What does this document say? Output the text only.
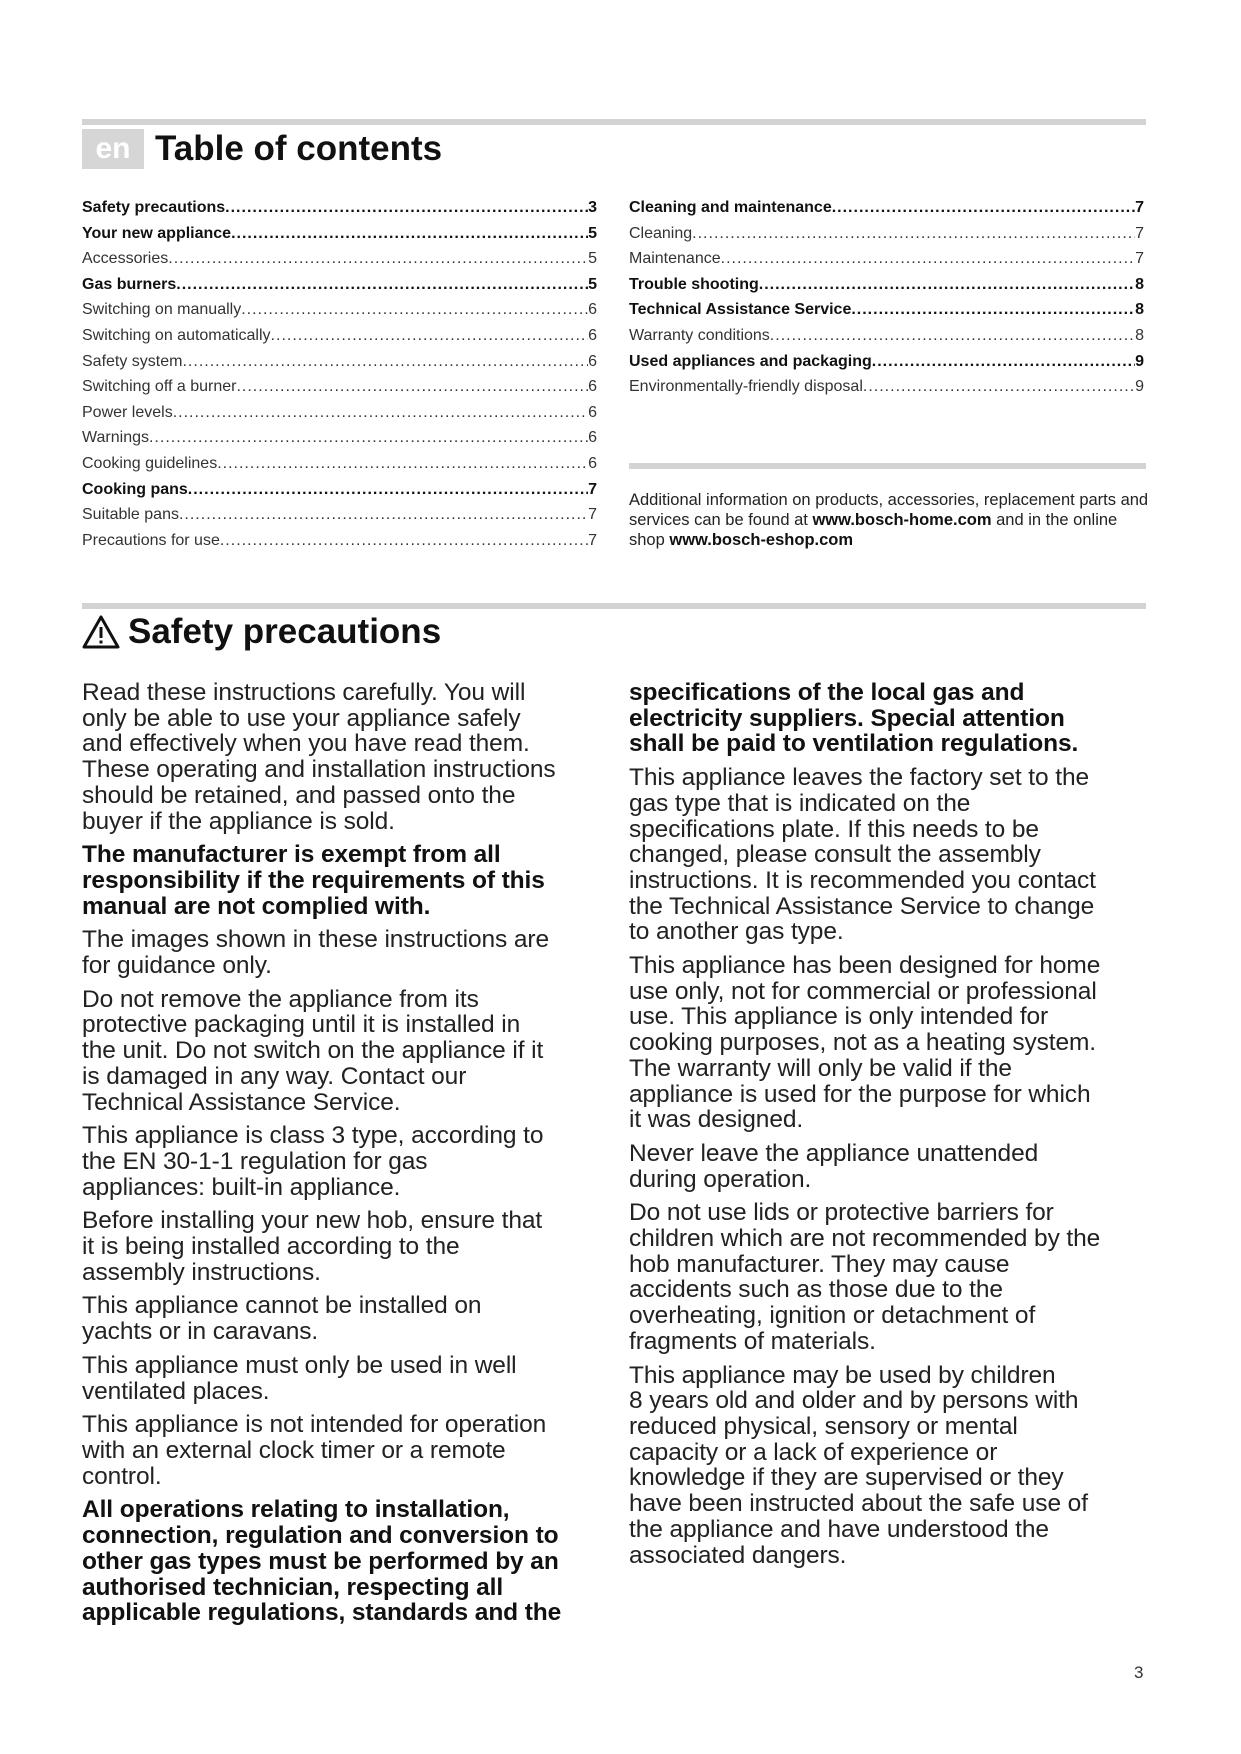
en Table of contents
Safety precautions .....	3
Your new appliance .....	5
Accessories .....	5
Gas burners .....	5
Switching on manually .....	6
Switching on automatically .....	6
Safety system .....	6
Switching off a burner .....	6
Power levels .....	6
Warnings .....	6
Cooking guidelines .....	6
Cooking pans .....	7
Suitable pans .....	7
Precautions for use .....	7
Cleaning and maintenance .....	7
Cleaning .....	7
Maintenance .....	7
Trouble shooting .....	8
Technical Assistance Service .....	8
Warranty conditions .....	8
Used appliances and packaging .....	9
Environmentally-friendly disposal .....	9
Additional information on products, accessories, replacement parts and services can be found at www.bosch-home.com and in the online shop www.bosch-eshop.com
Safety precautions

Read these instructions carefully. You will
only be able to use your appliance safely
and effectively when you have read them.
These operating and installation instructions
should be retained, and passed onto the
buyer if the appliance is sold.

The manufacturer is exempt from all
responsibility if the requirements of this
manual are not complied with.

The images shown in these instructions are
for guidance only.

Do not remove the appliance from its
protective packaging until it is installed in
the unit. Do not switch on the appliance if it
is damaged in any way. Contact our
Technical Assistance Service.

This appliance is class 3 type, according to
the EN 30-1-1 regulation for gas
appliances: built-in appliance.

Before installing your new hob, ensure that
it is being installed according to the
assembly instructions.

This appliance cannot be installed on
yachts or in caravans.

This appliance must only be used in well
ventilated places.

This appliance is not intended for operation
with an external clock timer or a remote
control.

All operations relating to installation,
connection, regulation and conversion to
other gas types must be performed by an
authorised technician, respecting all
applicable regulations, standards and the

specifications of the local gas and
electricity suppliers. Special attention
shall be paid to ventilation regulations.

This appliance leaves the factory set to the
gas type that is indicated on the
specifications plate. If this needs to be
changed, please consult the assembly
instructions. It is recommended you contact
the Technical Assistance Service to change
to another gas type.

This appliance has been designed for home
use only, not for commercial or professional
use. This appliance is only intended for
cooking purposes, not as a heating system.
The warranty will only be valid if the
appliance is used for the purpose for which
it was designed.

Never leave the appliance unattended
during operation.

Do not use lids or protective barriers for
children which are not recommended by the
hob manufacturer. They may cause
accidents such as those due to the
overheating, ignition or detachment of
fragments of materials.

This appliance may be used by children
8 years old and older and by persons with
reduced physical, sensory or mental
capacity or a lack of experience or
knowledge if they are supervised or they
have been instructed about the safe use of
the appliance and have understood the
associated dangers.

3
